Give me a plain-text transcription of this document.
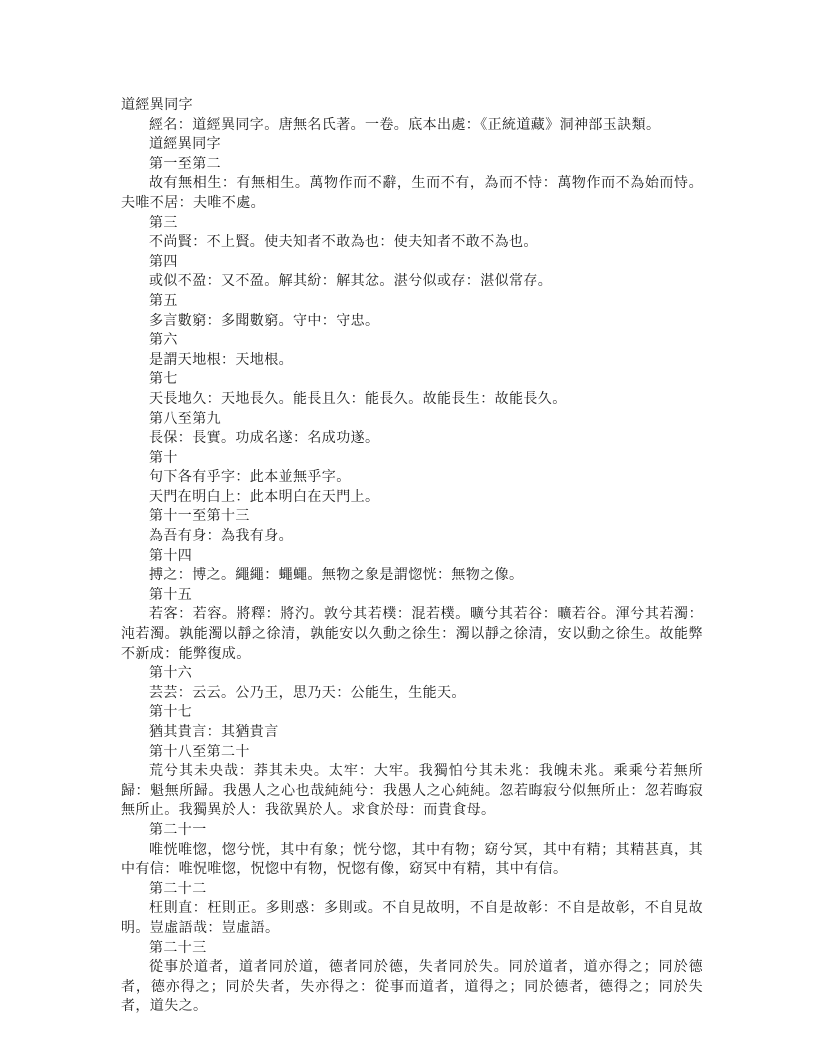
道經異同字

經名：道經異同字。唐無名氏著。一卷。底本出處：《正統道藏》洞神部玉訣類。

道經異同字

第一至第二

故有無相生：有無相生。萬物作而不辭，生而不有，為而不恃：萬物作而不為始而恃。夫唯不居：夫唯不處。

第三

不尚賢：不上賢。使夫知者不敢為也：使夫知者不敢不為也。

第四

或似不盈：又不盈。解其紛：解其忿。湛兮似或存：湛似常存。

第五

多言數窮：多聞數窮。守中：守忠。

第六

是謂天地根：天地根。

第七

天長地久：天地長久。能長且久：能長久。故能長生：故能長久。

第八至第九

長保：長實。功成名遂：名成功遂。

第十

句下各有乎字：此本並無乎字。

天門在明白上：此本明白在天門上。

第十一至第十三

為吾有身：為我有身。

第十四

搏之：博之。繩繩：蠅蠅。無物之象是謂惚恍：無物之像。

第十五

若客：若容。將釋：將汋。敦兮其若樸：混若樸。曠兮其若谷：曠若谷。渾兮其若濁：沌若濁。孰能濁以靜之徐清，孰能安以久動之徐生：濁以靜之徐清，安以動之徐生。故能弊不新成：能弊復成。

第十六

芸芸：云云。公乃王，思乃天：公能生，生能天。

第十七

猶其貴言：其猶貴言

第十八至第二十

荒兮其未央哉：莽其未央。太牢：大牢。我獨怕兮其未兆：我魄未兆。乘乘兮若無所歸：魁無所歸。我愚人之心也哉純純兮：我愚人之心純純。忽若晦寂兮似無所止：忽若晦寂無所止。我獨異於人：我欲異於人。求食於母：而貴食母。

第二十一

唯恍唯惚，惚兮恍，其中有象；恍兮惚，其中有物；窈兮冥，其中有精；其精甚真，其中有信：唯怳唯惚，怳惚中有物，怳惚有像，窈冥中有精，其中有信。

第二十二

枉則直：枉則正。多則惑：多則或。不自見故明，不自是故彰：不自是故彰，不自見故明。豈虛語哉：豈虛語。

第二十三

從事於道者，道者同於道，德者同於德，失者同於失。同於道者，道亦得之；同於德者，德亦得之；同於失者，失亦得之：從事而道者，道得之；同於德者，德得之；同於失者，道失之。
